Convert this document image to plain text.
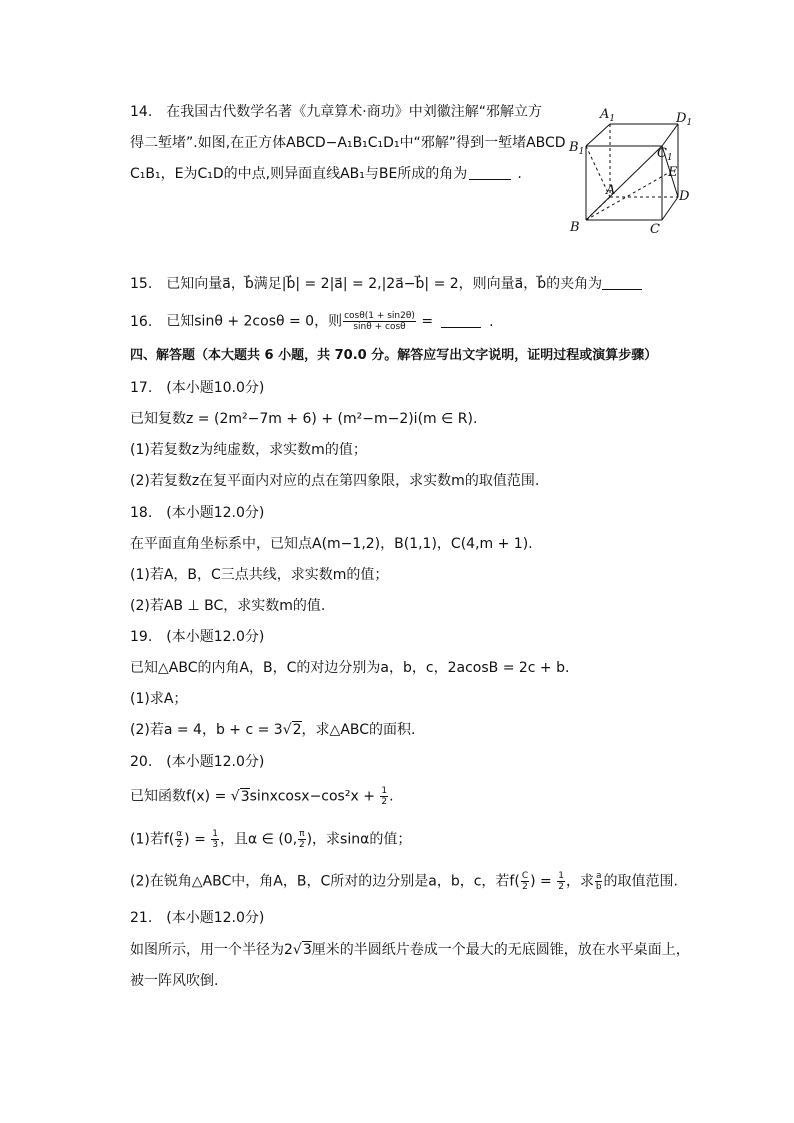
14. 在我国古代数学名著《九章算术·商功》中刘徽注解“邪解立方
得二堑堵”.如图,在正方体ABCD−A₁B₁C₁D₁中“邪解”得到一堑堵ABCD
C₁B₁，E为C₁D的中点,则异面直线AB₁与BE所成的角为	.
$A_1$	$D_1$
$B_1$	$C_1$
E
A	D
B	C
15. 已知向量a⃗，b⃗满足|b⃗| = 2|a⃗| = 2,|2a⃗−b⃗| = 2，则向量a⃗，b⃗的夹角为
16. 已知sinθ + 2cosθ = 0，则 $\frac{\cos\theta(1 + \sin 2\theta)}{\sin\theta + \cos\theta}$ =	.
四、解答题（本大题共 6 小题，共 70.0 分。解答应写出文字说明，证明过程或演算步骤）
17. (本小题10.0分)
已知复数z = (2m²−7m + 6) + (m²−m−2)i(m ∈ R).
(1)若复数z为纯虚数，求实数m的值；
(2)若复数z在复平面内对应的点在第四象限，求实数m的取值范围.
18. (本小题12.0分)
在平面直角坐标系中，已知点A(m−1,2)，B(1,1)，C(4,m + 1).
(1)若A，B，C三点共线，求实数m的值；
(2)若AB ⊥ BC，求实数m的值.
19. (本小题12.0分)
已知△ABC的内角A，B，C的对边分别为a，b，c，2acosB = 2c + b.
(1)求A；
(2)若a = 4，b + c = 3√2，求△ABC的面积.
20. (本小题12.0分)
已知函数f(x) = √3sinxcosx−cos²x + $\frac{1}{2}$ .
(1)若$f( \frac{\alpha}{2}$ ) = $\frac{1}{3}$ ，且α ∈ (0, $\frac{\pi}{2}$ )，求sinα的值；
(2)在锐角△ABC中，角A，B，C所对的边分别是a，b，c，若$f( \frac{C}{2}$ ) = $\frac{1}{2}$ ，求 $\frac{a}{b}$ 的取值范围.
21. (本小题12.0分)
如图所示，用一个半径为2√3厘米的半圆纸片卷成一个最大的无底圆锥，放在水平桌面上，
被一阵风吹倒.
